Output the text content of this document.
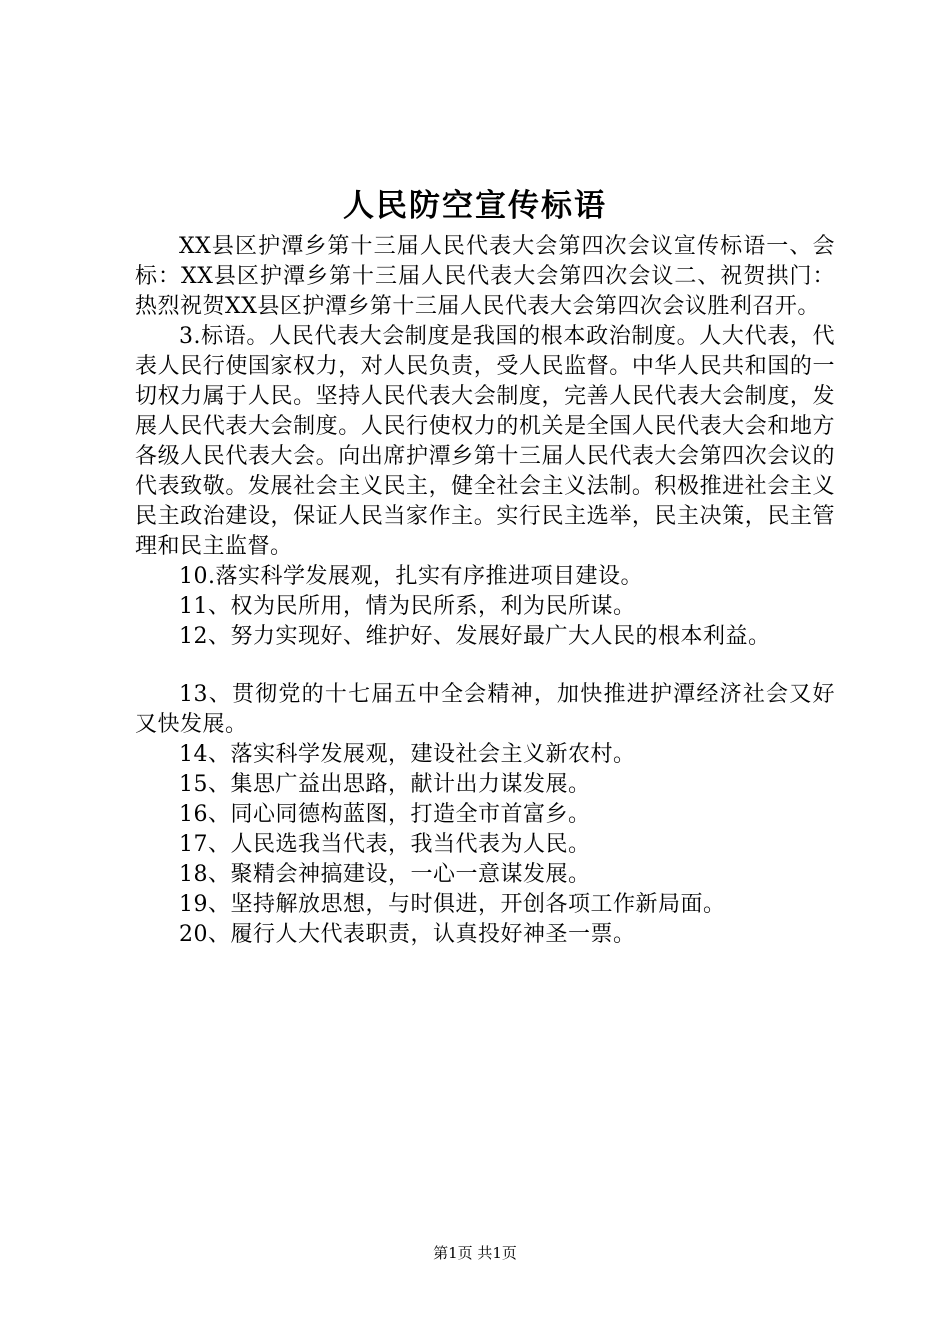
人民防空宣传标语

XX县区护潭乡第十三届人民代表大会第四次会议宣传标语一、会标：XX县区护潭乡第十三届人民代表大会第四次会议二、祝贺拱门：热烈祝贺XX县区护潭乡第十三届人民代表大会第四次会议胜利召开。

3.标语。人民代表大会制度是我国的根本政治制度。人大代表，代表人民行使国家权力，对人民负责，受人民监督。中华人民共和国的一切权力属于人民。坚持人民代表大会制度，完善人民代表大会制度，发展人民代表大会制度。人民行使权力的机关是全国人民代表大会和地方各级人民代表大会。向出席护潭乡第十三届人民代表大会第四次会议的代表致敬。发展社会主义民主，健全社会主义法制。积极推进社会主义民主政治建设，保证人民当家作主。实行民主选举，民主决策，民主管理和民主监督。

10.落实科学发展观，扎实有序推进项目建设。

11、权为民所用，情为民所系，利为民所谋。

12、努力实现好、维护好、发展好最广大人民的根本利益。

13、贯彻党的十七届五中全会精神，加快推进护潭经济社会又好又快发展。

14、落实科学发展观，建设社会主义新农村。

15、集思广益出思路，献计出力谋发展。

16、同心同德构蓝图，打造全市首富乡。

17、人民选我当代表，我当代表为人民。

18、聚精会神搞建设，一心一意谋发展。

19、坚持解放思想，与时俱进，开创各项工作新局面。

20、履行人大代表职责，认真投好神圣一票。

第1页 共1页
